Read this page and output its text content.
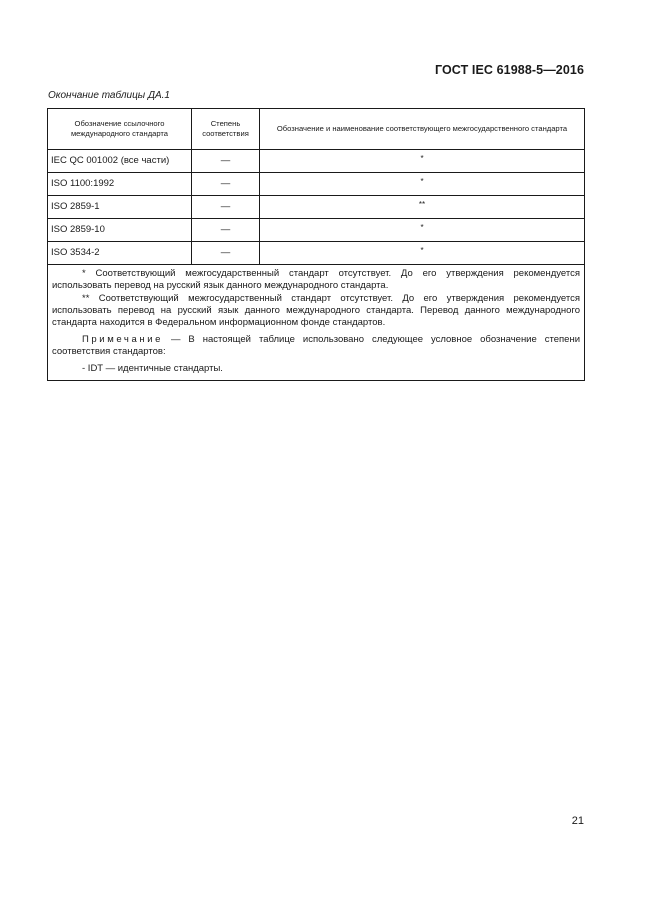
ГОСТ IEC 61988-5—2016
Окончание таблицы ДА.1
Обозначение ссылочного международного стандарта	Степень соответствия	Обозначение и наименование соответствующего межгосударственного стандарта
IEC QC 001002 (все части)	—	*
ISO 1100:1992	—	*
ISO 2859-1	—	**
ISO 2859-10	—	*
ISO 3534-2	—	*

* Соответствующий межгосударственный стандарт отсутствует. До его утверждения рекомендуется использовать перевод на русский язык данного международного стандарта.

** Соответствующий межгосударственный стандарт отсутствует. До его утверждения рекомендуется использовать перевод на русский язык данного международного стандарта. Перевод данного международного стандарта находится в Федеральном информационном фонде стандартов.

Примечание — В настоящей таблице использовано следующее условное обозначение степени соответствия стандартов:

- IDT — идентичные стандарты.		

21
